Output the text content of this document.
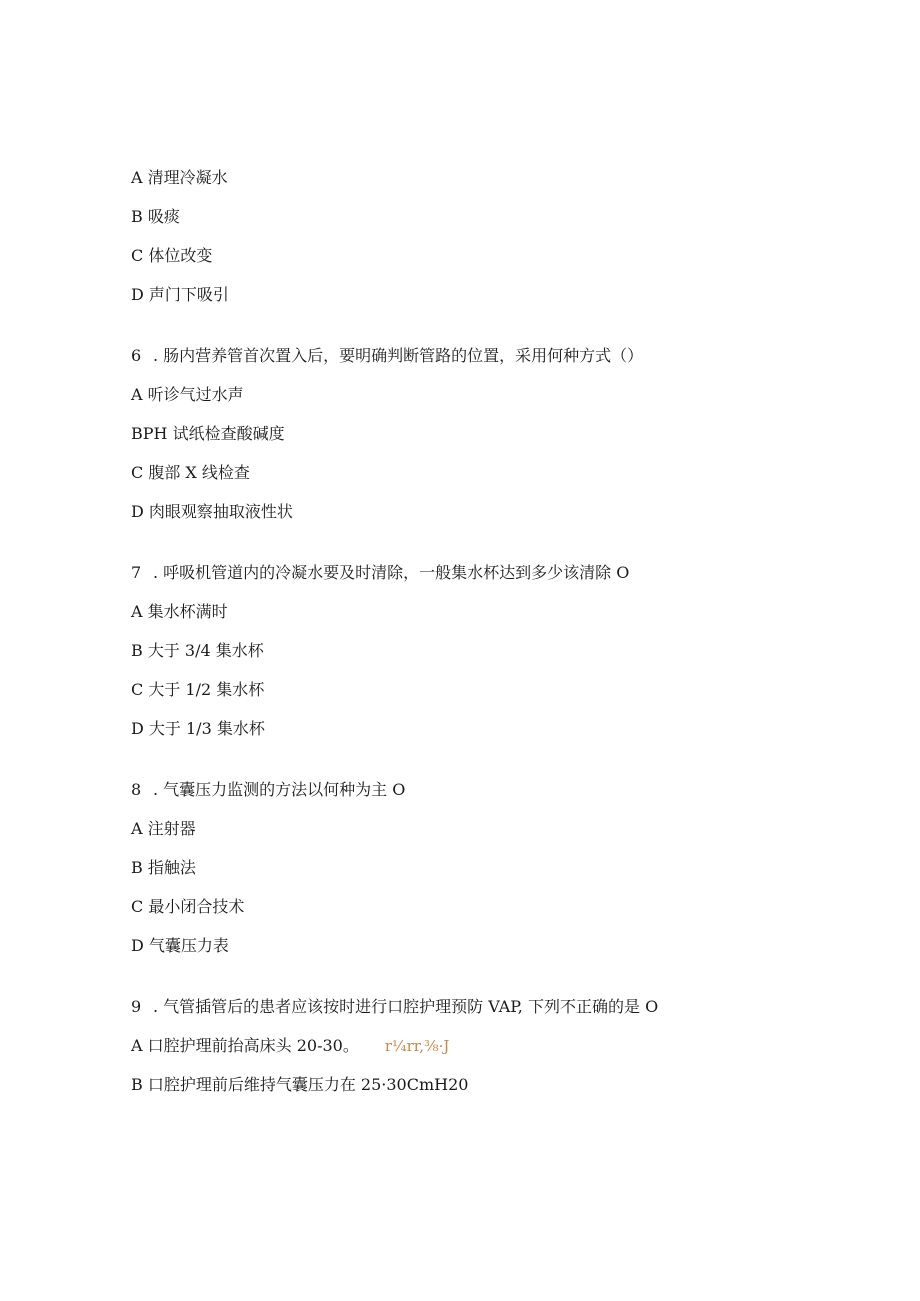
A 清理冷凝水
B 吸痰
C 体位改变
D 声门下吸引
6 . 肠内营养管首次置入后，要明确判断管路的位置，采用何种方式（）
A 听诊气过水声
BPH 试纸检查酸碱度
C 腹部 X 线检查
D 肉眼观察抽取液性状
7 . 呼吸机管道内的冷凝水要及时清除，一般集水杯达到多少该清除 O
A 集水杯满时
B 大于 3/4 集水杯
C 大于 1/2 集水杯
D 大于 1/3 集水杯
8 . 气囊压力监测的方法以何种为主 O
A 注射器
B 指触法
C 最小闭合技术
D 气囊压力表
9 . 气管插管后的患者应该按时进行口腔护理预防 VAP, 下列不正确的是 O
A 口腔护理前抬高床头 20-30。 r¼rr,⅜·J
B 口腔护理前后维持气囊压力在 25·30CmH20
